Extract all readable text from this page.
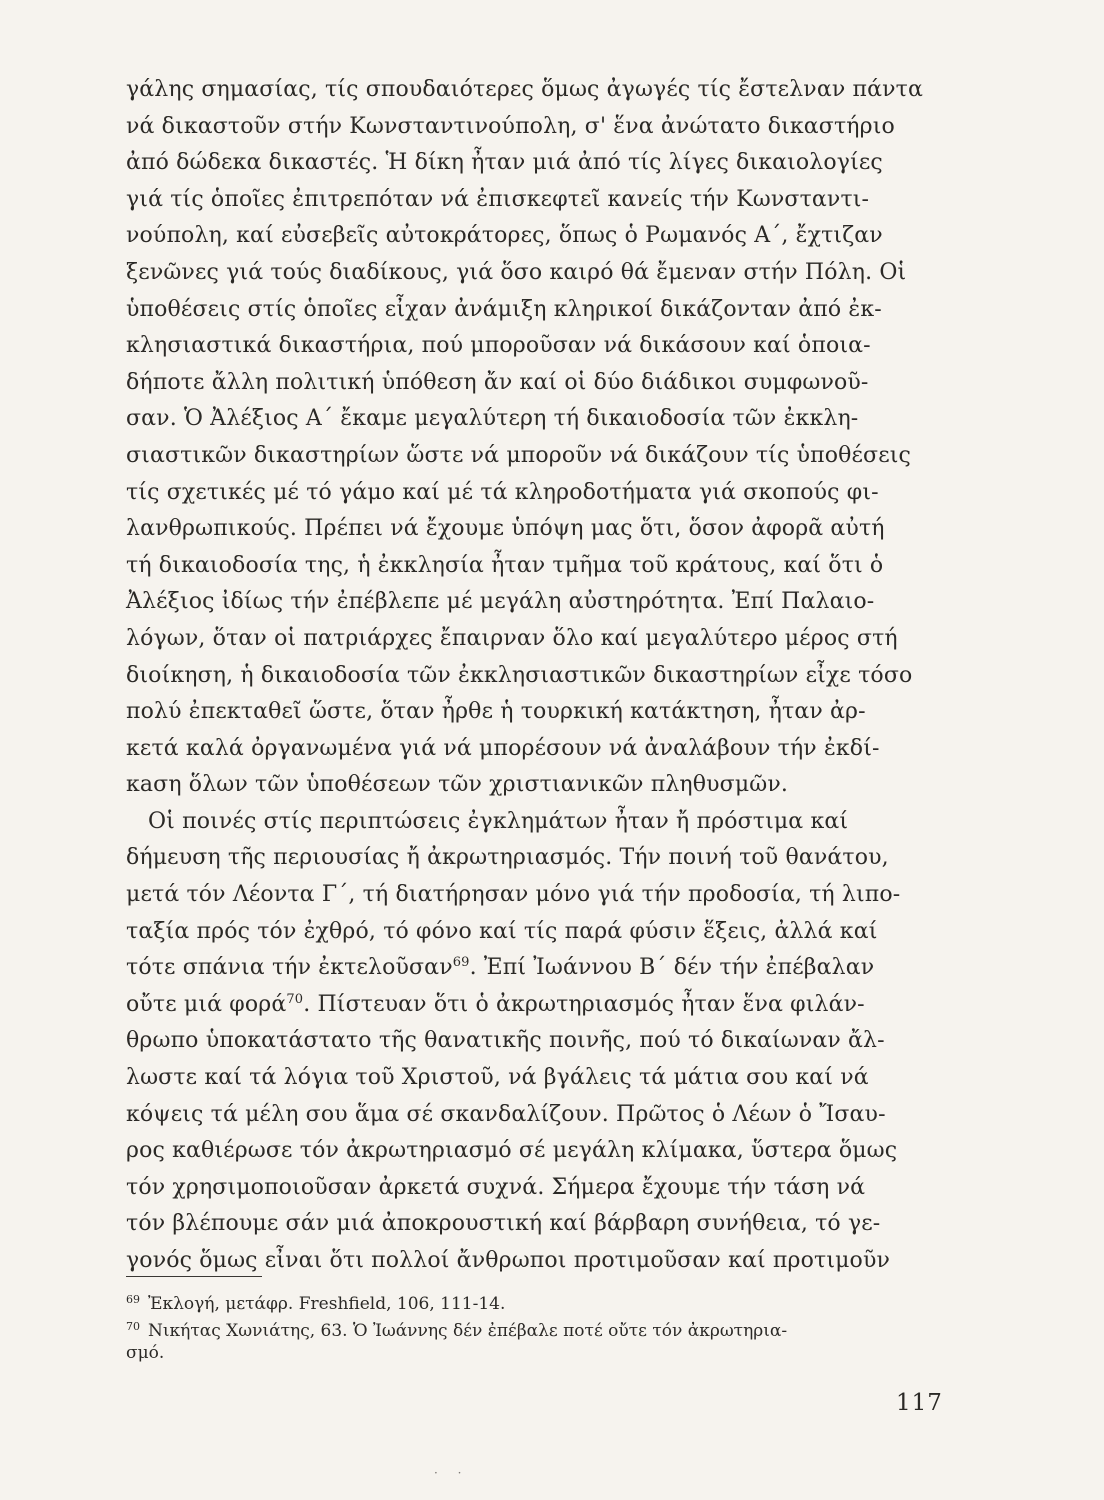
γάλης σημασίας, τίς σπουδαιότερες ὅμως ἀγωγές τίς ἔστελναν πάντα
νά δικαστοῦν στήν Κωνσταντινούπολη, σ' ἕνα ἀνώτατο δικαστήριο
ἀπό δώδεκα δικαστές. Ἡ δίκη ἦταν μιά ἀπό τίς λίγες δικαιολογίες
γιά τίς ὁποῖες ἐπιτρεπόταν νά ἐπισκεφτεῖ κανείς τήν Κωνσταντι-
νούπολη, καί εὐσεβεῖς αὐτοκράτορες, ὅπως ὁ Ρωμανός Α΄, ἔχτιζαν
ξενῶνες γιά τούς διαδίκους, γιά ὅσο καιρό θά ἔμεναν στήν Πόλη. Οἱ
ὑποθέσεις στίς ὁποῖες εἶχαν ἀνάμιξη κληρικοί δικάζονταν ἀπό ἐκ-
κλησιαστικά δικαστήρια, πού μποροῦσαν νά δικάσουν καί ὁποια-
δήποτε ἄλλη πολιτική ὑπόθεση ἄν καί οἱ δύο διάδικοι συμφωνοῦ-
σαν. Ὁ Ἀλέξιος Α΄ ἔκαμε μεγαλύτερη τή δικαιοδοσία τῶν ἐκκλη-
σιαστικῶν δικαστηρίων ὥστε νά μποροῦν νά δικάζουν τίς ὑποθέσεις
τίς σχετικές μέ τό γάμο καί μέ τά κληροδοτήματα γιά σκοπούς φι-
λανθρωπικούς. Πρέπει νά ἔχουμε ὑπόψη μας ὅτι, ὅσον ἀφορᾶ αὐτή
τή δικαιοδοσία της, ἡ ἐκκλησία ἦταν τμῆμα τοῦ κράτους, καί ὅτι ὁ
Ἀλέξιος ἰδίως τήν ἐπέβλεπε μέ μεγάλη αὐστηρότητα. Ἐπί Παλαιο-
λόγων, ὅταν οἱ πατριάρχες ἔπαιρναν ὅλο καί μεγαλύτερο μέρος στή
διοίκηση, ἡ δικαιοδοσία τῶν ἐκκλησιαστικῶν δικαστηρίων εἶχε τόσο
πολύ ἐπεκταθεῖ ὥστε, ὅταν ἦρθε ἡ τουρκική κατάκτηση, ἦταν ἀρ-
κετά καλά ὀργανωμένα γιά νά μπορέσουν νά ἀναλάβουν τήν ἐκδί-
κаση ὅλων τῶν ὑποθέσεων τῶν χριστιανικῶν πληθυσμῶν.
Οἱ ποινές στίς περιπτώσεις ἐγκλημάτων ἦταν ἤ πρόστιμα καί
δήμευση τῆς περιουσίας ἤ ἀκρωτηριασμός. Τήν ποινή τοῦ θανάτου,
μετά τόν Λέοντα Γ΄, τή διατήρησαν μόνο γιά τήν προδοσία, τή λιπο-
ταξία πρός τόν ἐχθρό, τό φόνο καί τίς παρά φύσιν ἕξεις, ἀλλά καί
τότε σπάνια τήν ἐκτελοῦσαν$^{69}$. Ἐπί Ἰωάννου Β΄ δέν τήν ἐπέβαλαν
οὔτε μιά φορά$^{70}$. Πίστευαν ὅτι ὁ ἀκρωτηριασμός ἦταν ἕνα φιλάν-
θρωπο ὑποκατάστατο τῆς θανατικῆς ποινῆς, πού τό δικαίωναν ἄλ-
λωστε καί τά λόγια τοῦ Χριστοῦ, νά βγάλεις τά μάτια σου καί νά
κόψεις τά μέλη σου ἅμα σέ σκανδαλίζουν. Πρῶτος ὁ Λέων ὁ Ἴσαυ-
ρος καθιέρωσε τόν ἀκρωτηριασμό σέ μεγάλη κλίμακα, ὕστερα ὅμως
τόν χρησιμοποιοῦσαν ἀρκετά συχνά. Σήμερα ἔχουμε τήν τάση νά
τόν βλέπουμε σάν μιά ἀποκρουστική καί βάρβαρη συνήθεια, τό γε-
γονός ὅμως εἶναι ὅτι πολλοί ἄνθρωποι προτιμοῦσαν καί προτιμοῦν
$^{69}$ Ἐκλογή, μετάφρ. Freshfield, 106, 111-14.
$^{70}$ Νικήτας Χωνιάτης, 63. Ὁ Ἰωάννης δέν ἐπέβαλε ποτέ οὔτε τόν ἀκρωτηρια-
σμό.
117
· ·
